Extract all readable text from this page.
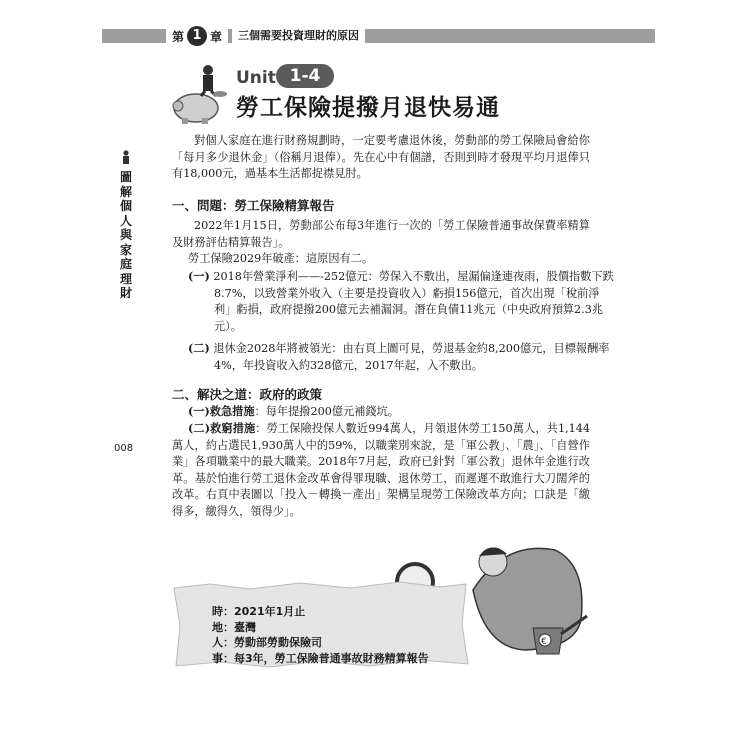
第 1 章	三個需要投資理財的原因
Unit 1-4
勞工保險提撥月退快易通
圖
解
個
人
與
家
庭
理
財
008

對個人家庭在進行財務規劃時，一定要考慮退休後，勞動部的勞工保險局會給你「每月多少退休金」（俗稱月退俸）。先在心中有個譜，否則到時才發現平均月退俸只有18,000元，過基本生活都捉襟見肘。

一、問題：勞工保險精算報告

2022年1月15日，勞動部公布每3年進行一次的「勞工保險普通事故保費率精算及財務評估精算報告」。

勞工保險2029年破產：這原因有二。

(一) 2018年營業淨利——-252億元：勞保入不敷出，屋漏偏逢連夜雨，股價指數下跌8.7%，以致營業外收入（主要是投資收入）虧損156億元，首次出現「稅前淨利」虧損，政府提撥200億元去補漏洞。潛在負債11兆元（中央政府預算2.3兆元）。

(二) 退休金2028年將被領光：由右頁上圖可見，勞退基金約8,200億元，目標報酬率4%，年投資收入約328億元，2017年起，入不敷出。

二、解決之道：政府的政策

(一)救急措施：每年提撥200億元補錢坑。

(二)救窮措施：勞工保險投保人數近994萬人，月領退休勞工150萬人，共1,144萬人，約占選民1,930萬人中的59%，以職業別來說，是「軍公教」、「農」、「自營作業」各項職業中的最大職業。2018年7月起，政府已針對「軍公教」退休年金進行改革。基於怕進行勞工退休金改革會得罪現職、退休勞工，而遲遲不敢進行大刀闊斧的改革。右頁中表圖以「投入－轉換－產出」架構呈現勞工保險改革方向；口訣是「繳得多，繳得久，領得少」。

€
時：2021年1月止
地：臺灣
人：勞動部勞動保險司
事：每3年，勞工保險普通事故財務精算報告
